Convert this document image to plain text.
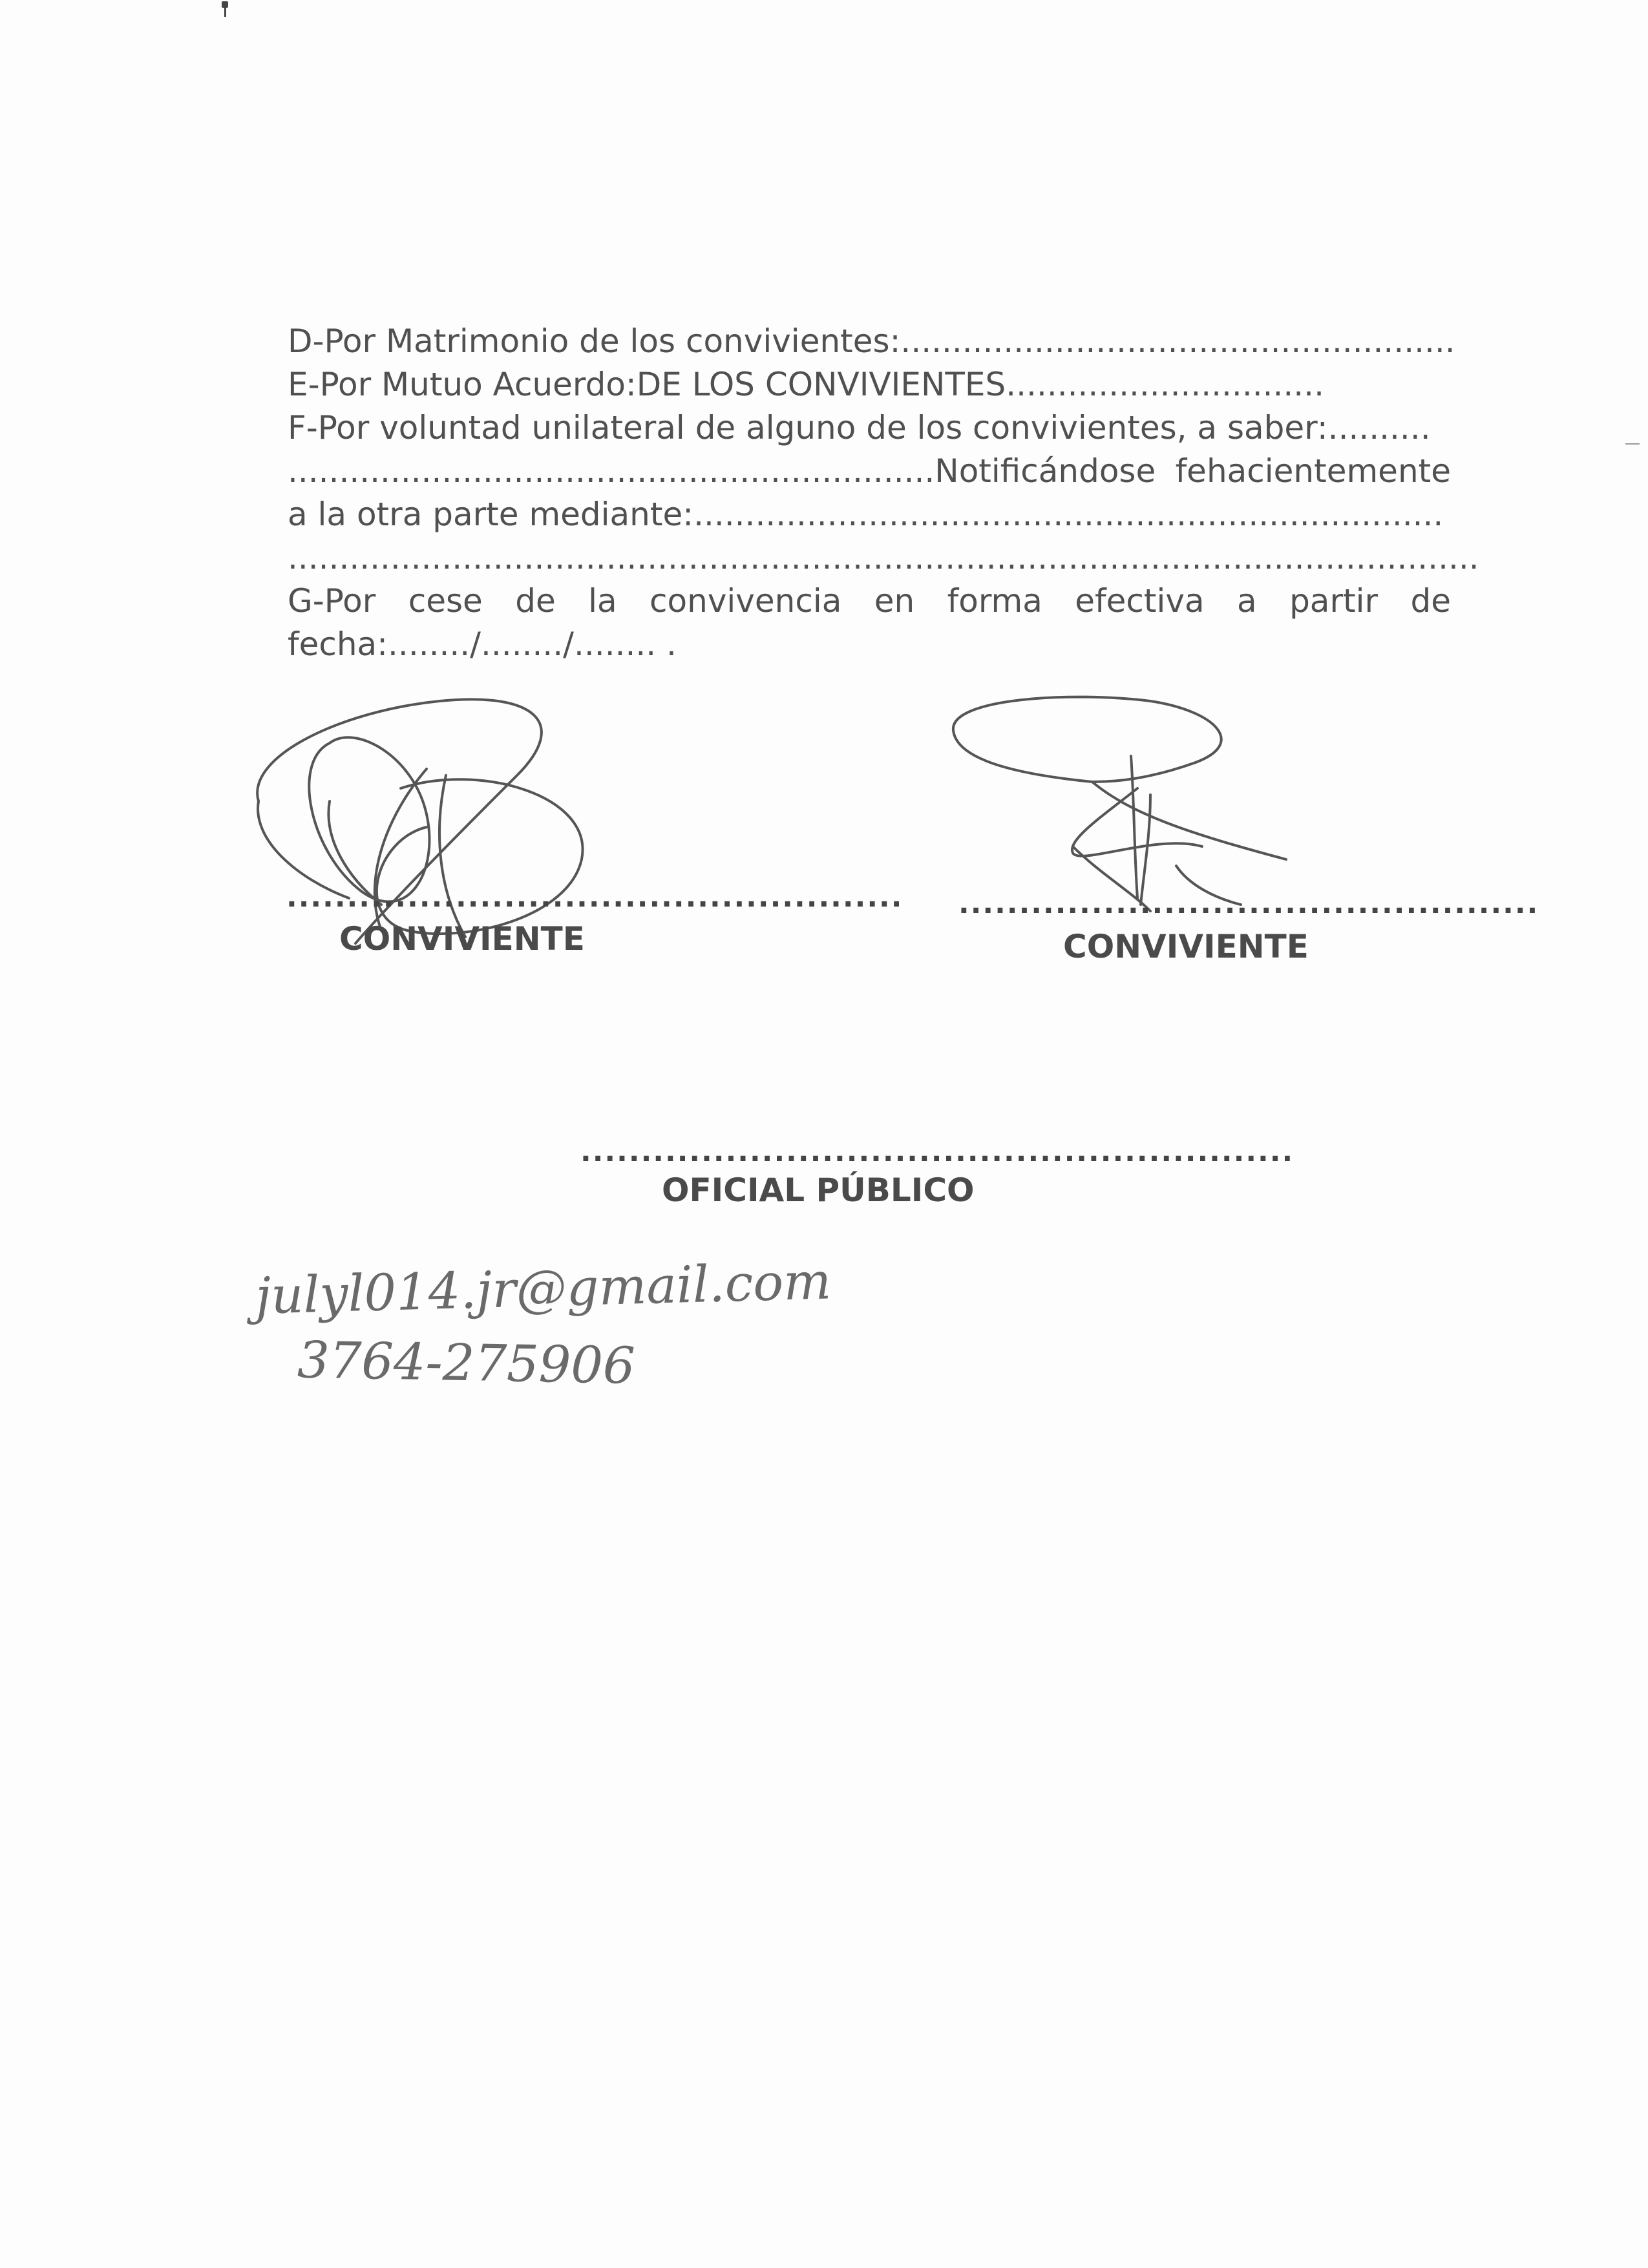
D-Por Matrimonio de los convivientes:......................................................
E-Por Mutuo Acuerdo:DE LOS CONVIVIENTES...............................
F-Por voluntad unilateral de alguno de los convivientes, a saber:..........
...............................................................Notificándose fehacientemente
a la otra parte mediante:.........................................................................
....................................................................................................................
G-Por cese de la convivencia en forma efectiva a partir de
fecha:......../......../........ .
...................................................
CONVIVIENTE
................................................
CONVIVIENTE
...........................................................
OFICIAL PÚBLICO
julyl014.jr@gmail.com
3764-275906
